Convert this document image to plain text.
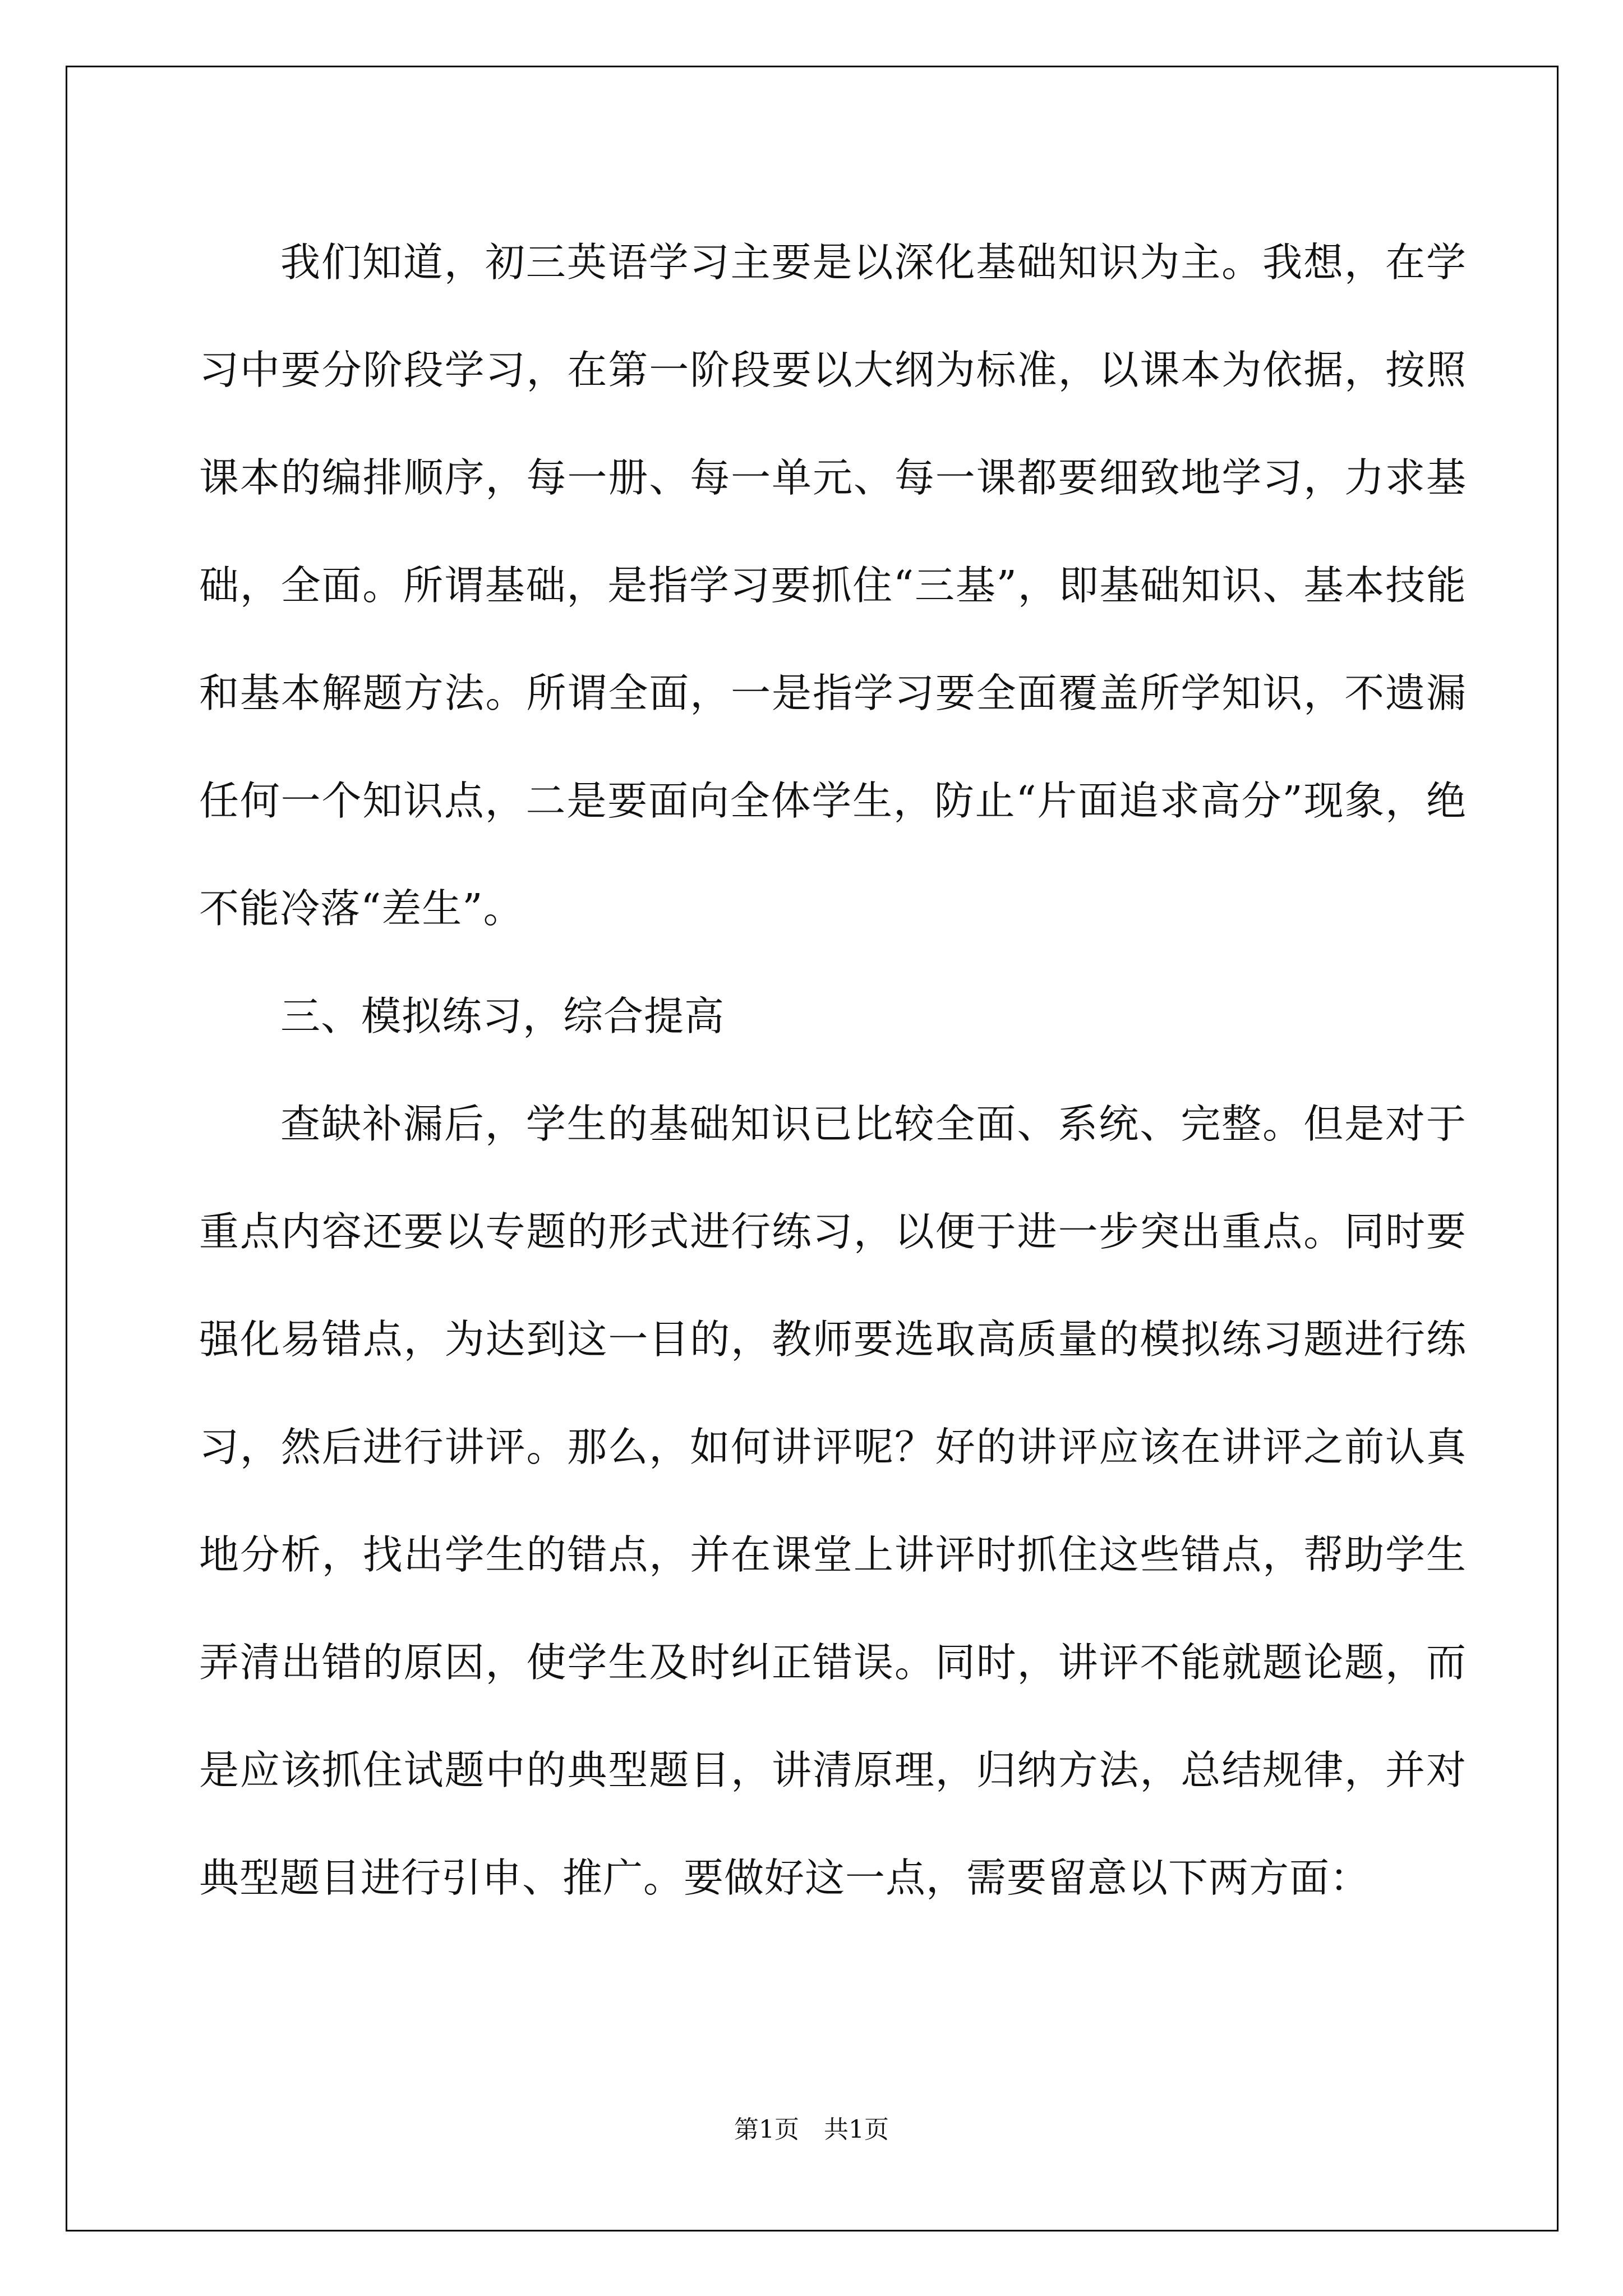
我们知道，初三英语学习主要是以深化基础知识为主。我想，在学习中要分阶段学习，在第一阶段要以大纲为标准，以课本为依据，按照课本的编排顺序，每一册、每一单元、每一课都要细致地学习，力求基础，全面。所谓基础，是指学习要抓住“三基”，即基础知识、基本技能和基本解题方法。所谓全面，一是指学习要全面覆盖所学知识，不遗漏任何一个知识点，二是要面向全体学生，防止“片面追求高分”现象，绝不能冷落“差生”。

三、模拟练习，综合提高

查缺补漏后，学生的基础知识已比较全面、系统、完整。但是对于重点内容还要以专题的形式进行练习，以便于进一步突出重点。同时要强化易错点，为达到这一目的，教师要选取高质量的模拟练习题进行练习，然后进行讲评。那么，如何讲评呢？好的讲评应该在讲评之前认真地分析，找出学生的错点，并在课堂上讲评时抓住这些错点，帮助学生弄清出错的原因，使学生及时纠正错误。同时，讲评不能就题论题，而是应该抓住试题中的典型题目，讲清原理，归纳方法，总结规律，并对典型题目进行引申、推广。要做好这一点，需要留意以下两方面：

第1页 共1页
